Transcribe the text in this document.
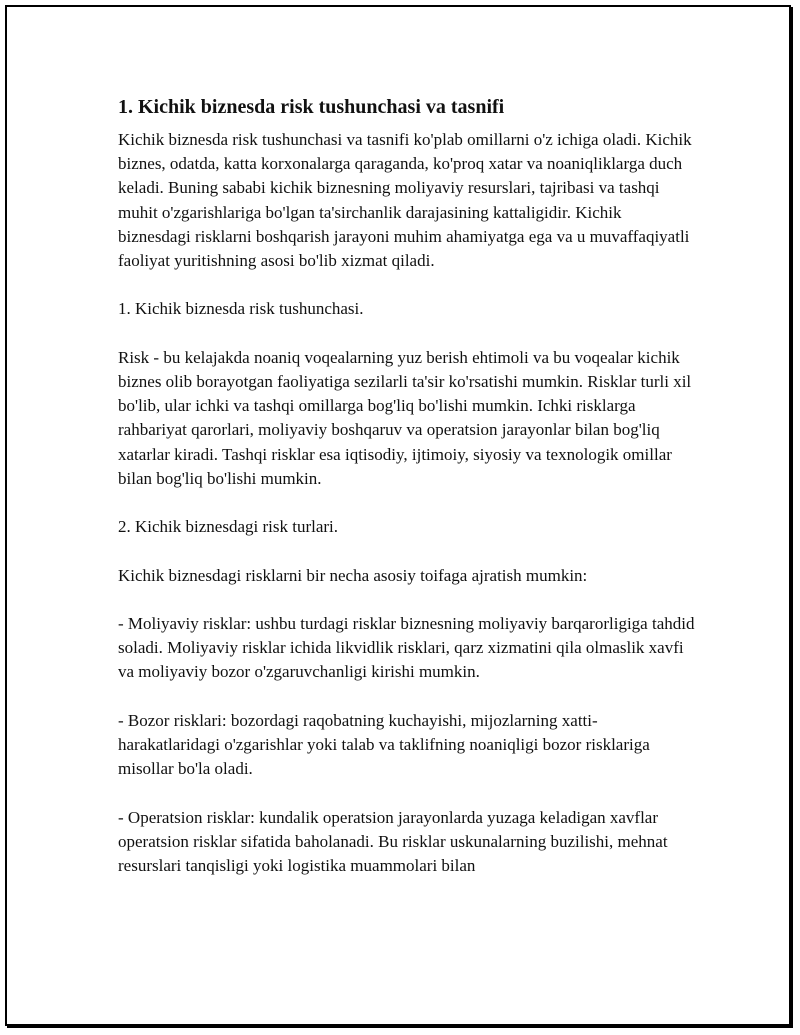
1. Kichik biznesda risk tushunchasi va tasnifi

Kichik biznesda risk tushunchasi va tasnifi ko'plab omillarni o'z ichiga oladi. Kichik biznes, odatda, katta korxonalarga qaraganda, ko'proq xatar va noaniqliklarga duch keladi. Buning sababi kichik biznesning moliyaviy resurslari, tajribasi va tashqi muhit o'zgarishlariga bo'lgan ta'sirchanlik darajasining kattaligidir. Kichik biznesdagi risklarni boshqarish jarayoni muhim ahamiyatga ega va u muvaffaqiyatli faoliyat yuritishning asosi bo'lib xizmat qiladi.

1. Kichik biznesda risk tushunchasi.

Risk - bu kelajakda noaniq voqealarning yuz berish ehtimoli va bu voqealar kichik biznes olib borayotgan faoliyatiga sezilarli ta'sir ko'rsatishi mumkin. Risklar turli xil bo'lib, ular ichki va tashqi omillarga bog'liq bo'lishi mumkin. Ichki risklarga rahbariyat qarorlari, moliyaviy boshqaruv va operatsion jarayonlar bilan bog'liq xatarlar kiradi. Tashqi risklar esa iqtisodiy, ijtimoiy, siyosiy va texnologik omillar bilan bog'liq bo'lishi mumkin.

2. Kichik biznesdagi risk turlari.

Kichik biznesdagi risklarni bir necha asosiy toifaga ajratish mumkin:

- Moliyaviy risklar: ushbu turdagi risklar biznesning moliyaviy barqarorligiga tahdid soladi. Moliyaviy risklar ichida likvidlik risklari, qarz xizmatini qila olmaslik xavfi va moliyaviy bozor o'zgaruvchanligi kirishi mumkin.

- Bozor risklari: bozordagi raqobatning kuchayishi, mijozlarning xatti-harakatlaridagi o'zgarishlar yoki talab va taklifning noaniqligi bozor risklariga misollar bo'la oladi.

- Operatsion risklar: kundalik operatsion jarayonlarda yuzaga keladigan xavflar operatsion risklar sifatida baholanadi. Bu risklar uskunalarning buzilishi, mehnat resurslari tanqisligi yoki logistika muammolari bilan
